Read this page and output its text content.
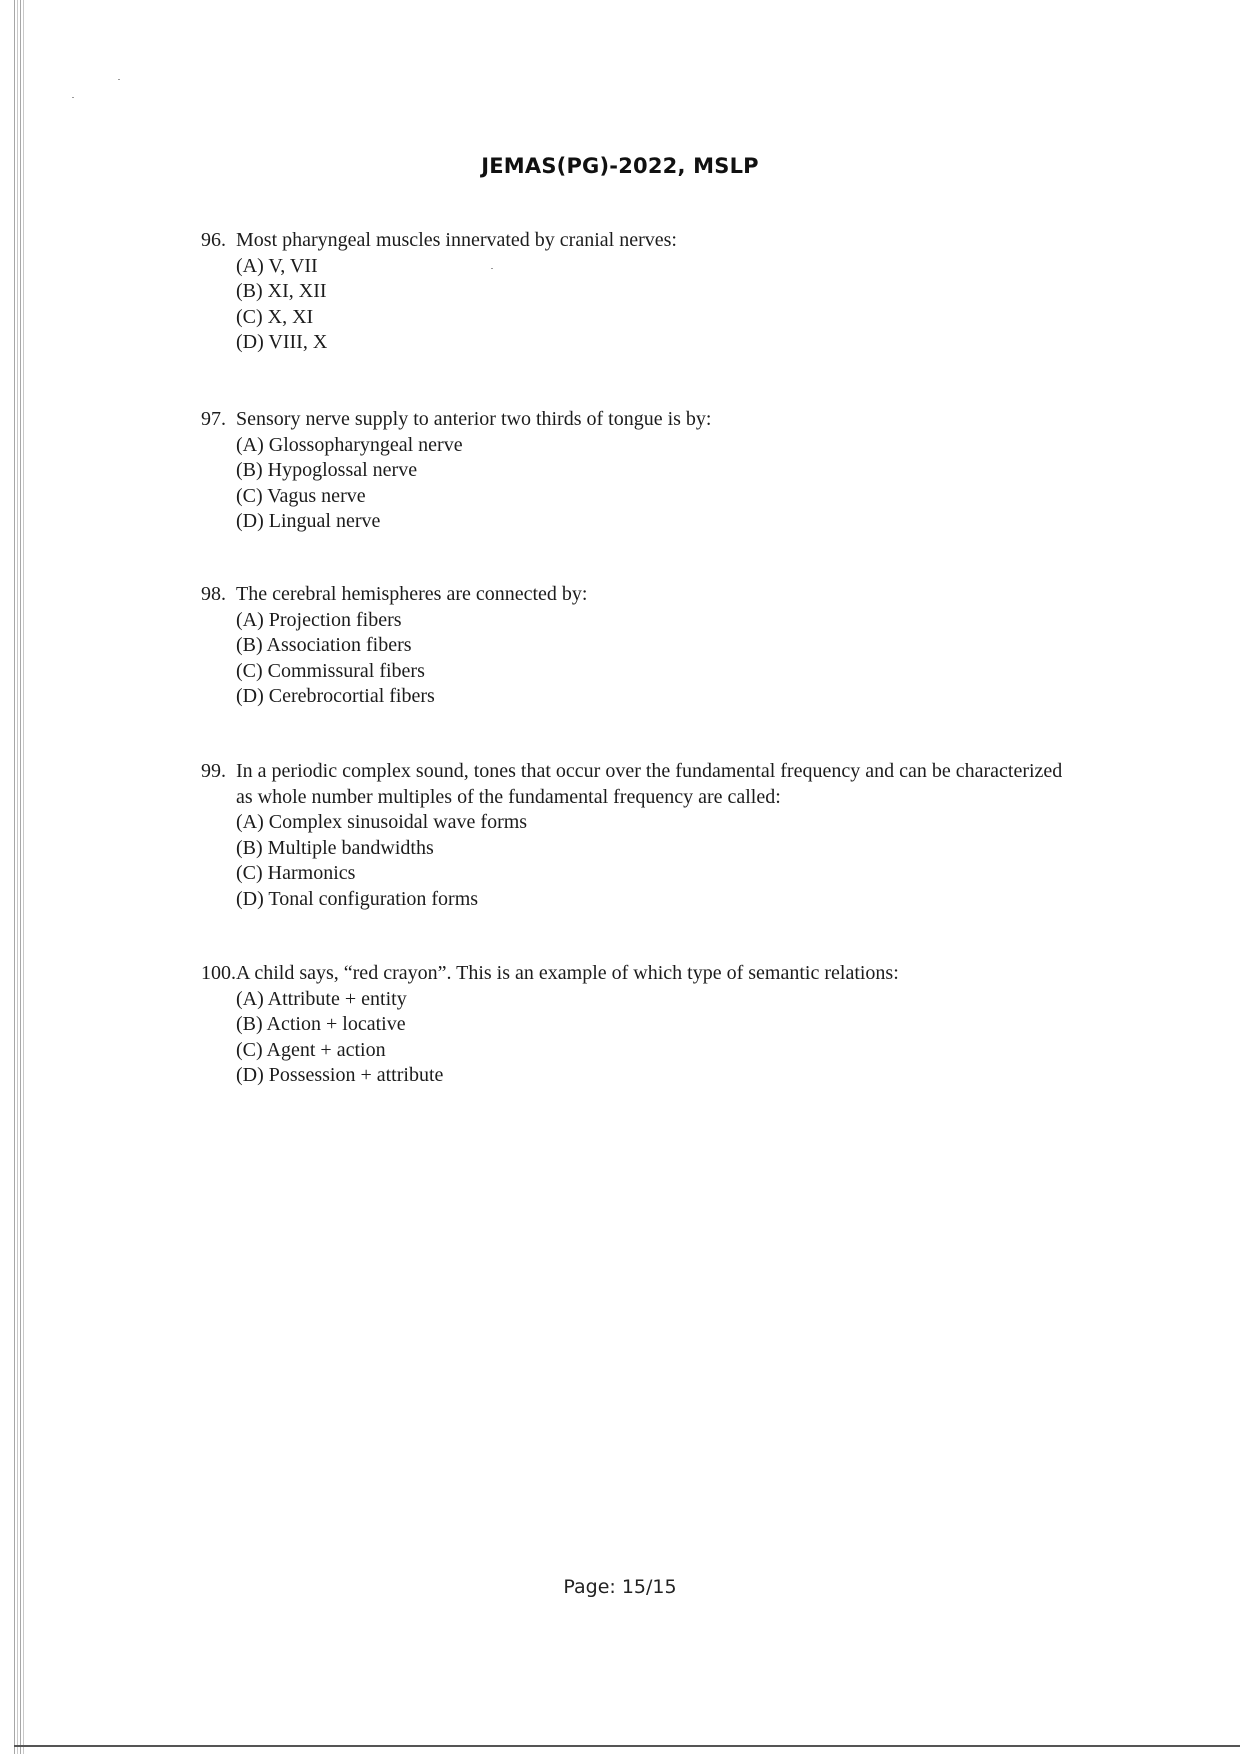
JEMAS(PG)-2022, MSLP
96. Most pharyngeal muscles innervated by cranial nerves:
(A) V, VII
(B) XI, XII
(C) X, XI
(D) VIII, X
97. Sensory nerve supply to anterior two thirds of tongue is by:
(A) Glossopharyngeal nerve
(B) Hypoglossal nerve
(C) Vagus nerve
(D) Lingual nerve
98. The cerebral hemispheres are connected by:
(A) Projection fibers
(B) Association fibers
(C) Commissural fibers
(D) Cerebrocortial fibers
99. In a periodic complex sound, tones that occur over the fundamental frequency and can be characterized as whole number multiples of the fundamental frequency are called:
(A) Complex sinusoidal wave forms
(B) Multiple bandwidths
(C) Harmonics
(D) Tonal configuration forms
100. A child says, “red crayon”. This is an example of which type of semantic relations:
(A) Attribute + entity
(B) Action + locative
(C) Agent + action
(D) Possession + attribute
Page: 15/15
